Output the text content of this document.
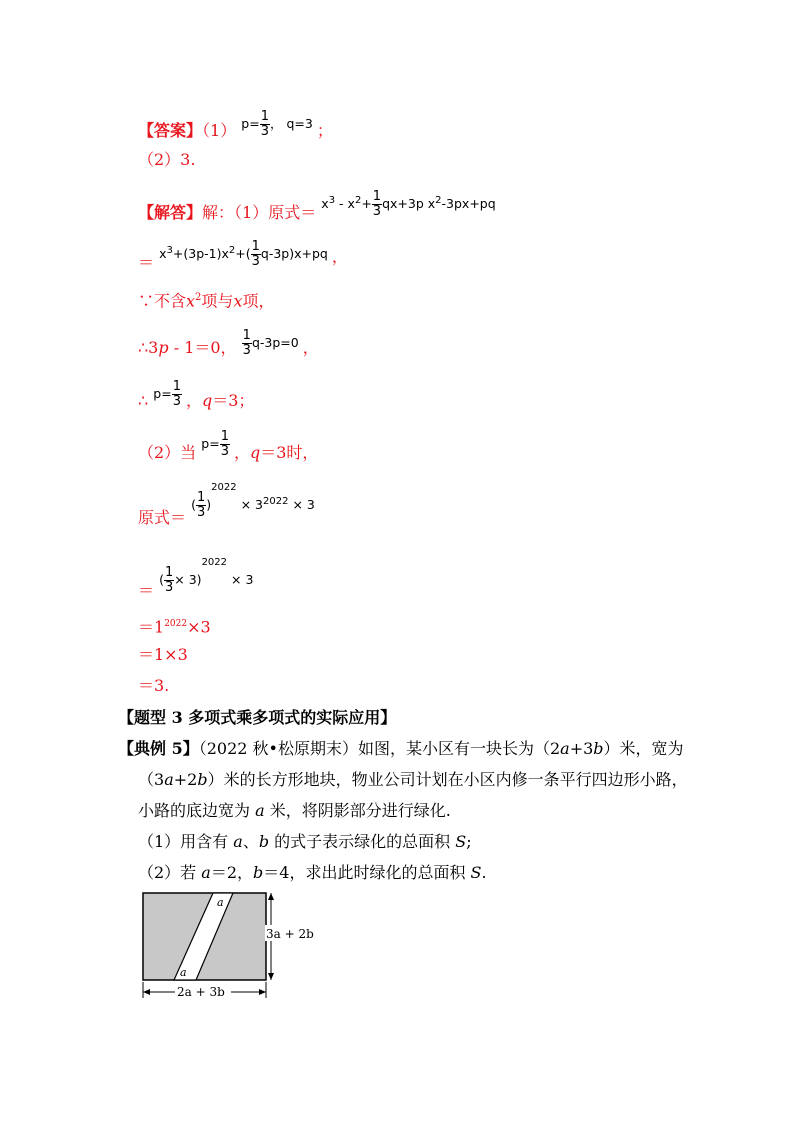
【答案】（1） $^{p= \frac{1}{3} , q=3}$ ；
（2）3.
【解答】解：（1）原式＝ $^{x^3 - x^2+ \frac{1}{3} qx+3p x^2-3px+pq}$
＝ $^{x^3+(3p-1)x^2+( \frac{1}{3} q-3p)x+pq}$ ，
∵不含$x^2$项与x项，
∴3p - 1＝0， $^{\frac{1}{3} q-3p=0}$ ，
∴ $^{p= \frac{1}{3}}$ ，q＝3；
（2）当 $^{p= \frac{1}{3}}$ ，q＝3时，
原式＝ $^{( \frac{1}{3} )^{2022} \times 3^{2022} \times 3}$
＝ $^{( \frac{1}{3} \times 3)^{2022} \times 3}$
$=1^{2022}\times 3$
＝1×3
＝3.
【题型 3 多项式乘多项式的实际应用】
【典例 5】（2022 秋•松原期末）如图，某小区有一块长为（2a+3b）米，宽为
（3a+2b）米的长方形地块，物业公司计划在小区内修一条平行四边形小路，
小路的底边宽为 a 米，将阴影部分进行绿化.
（1）用含有 a、b 的式子表示绿化的总面积 S;
（2）若 a＝2，b＝4，求出此时绿化的总面积 S.
a
a
3a + 2b
2a + 3b
